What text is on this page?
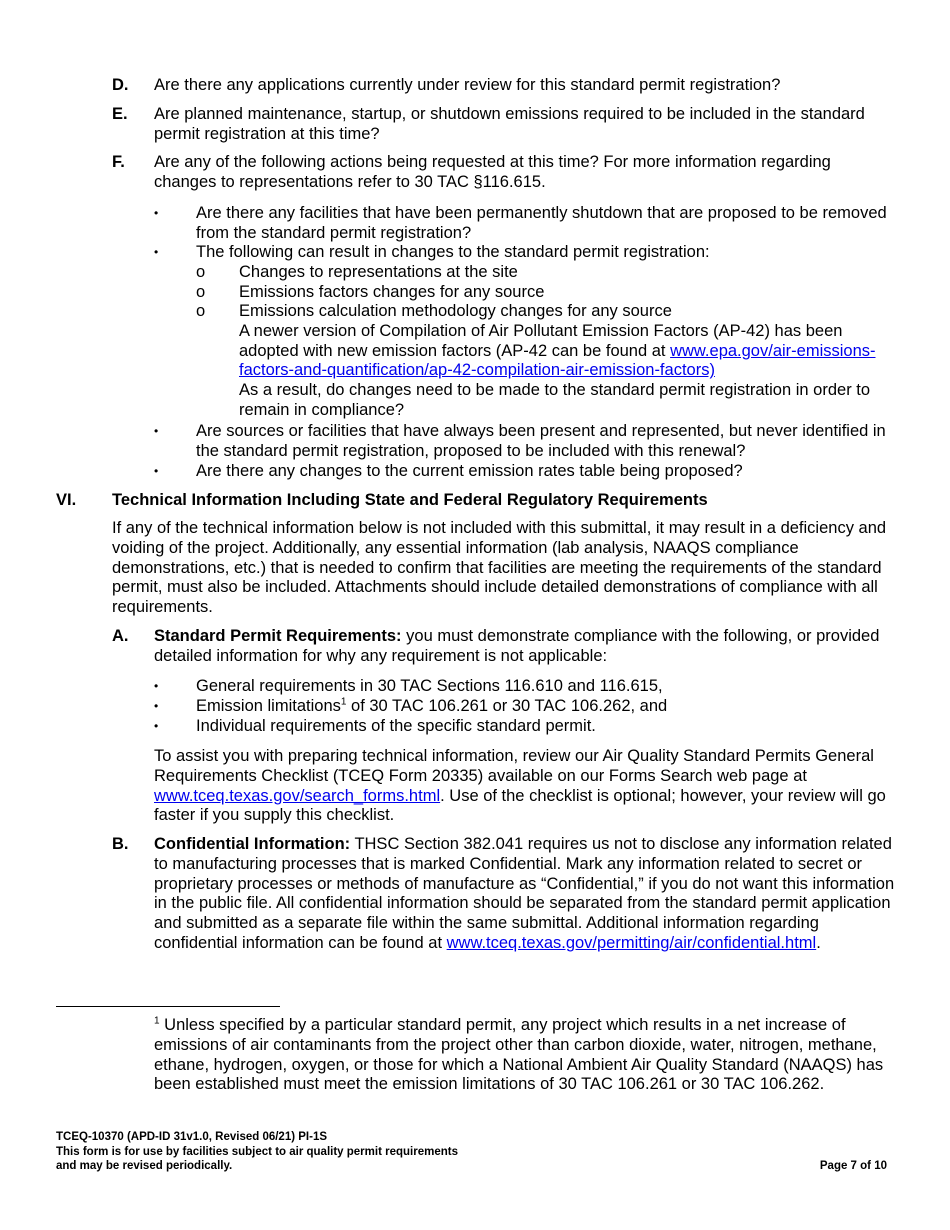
D. Are there any applications currently under review for this standard permit registration?
E. Are planned maintenance, startup, or shutdown emissions required to be included in the standard permit registration at this time?
F. Are any of the following actions being requested at this time? For more information regarding changes to representations refer to 30 TAC §116.615.
• Are there any facilities that have been permanently shutdown that are proposed to be removed from the standard permit registration?
• The following can result in changes to the standard permit registration:
o Changes to representations at the site
o Emissions factors changes for any source
o Emissions calculation methodology changes for any source
A newer version of Compilation of Air Pollutant Emission Factors (AP-42) has been adopted with new emission factors (AP-42 can be found at www.epa.gov/air-emissions-factors-and-quantification/ap-42-compilation-air-emission-factors)
As a result, do changes need to be made to the standard permit registration in order to remain in compliance?
• Are sources or facilities that have always been present and represented, but never identified in the standard permit registration, proposed to be included with this renewal?
• Are there any changes to the current emission rates table being proposed?
VI. Technical Information Including State and Federal Regulatory Requirements
If any of the technical information below is not included with this submittal, it may result in a deficiency and voiding of the project. Additionally, any essential information (lab analysis, NAAQS compliance demonstrations, etc.) that is needed to confirm that facilities are meeting the requirements of the standard permit, must also be included. Attachments should include detailed demonstrations of compliance with all requirements.
A. Standard Permit Requirements: you must demonstrate compliance with the following, or provided detailed information for why any requirement is not applicable:
• General requirements in 30 TAC Sections 116.610 and 116.615,
• Emission limitations$^1$ of 30 TAC 106.261 or 30 TAC 106.262, and
• Individual requirements of the specific standard permit.
To assist you with preparing technical information, review our Air Quality Standard Permits General Requirements Checklist (TCEQ Form 20335) available on our Forms Search web page at www.tceq.texas.gov/search_forms.html. Use of the checklist is optional; however, your review will go faster if you supply this checklist.
B. Confidential Information: THSC Section 382.041 requires us not to disclose any information related to manufacturing processes that is marked Confidential. Mark any information related to secret or proprietary processes or methods of manufacture as “Confidential,” if you do not want this information in the public file. All confidential information should be separated from the standard permit application and submitted as a separate file within the same submittal. Additional information regarding confidential information can be found at www.tceq.texas.gov/permitting/air/confidential.html.
$^1$ Unless specified by a particular standard permit, any project which results in a net increase of emissions of air contaminants from the project other than carbon dioxide, water, nitrogen, methane, ethane, hydrogen, oxygen, or those for which a National Ambient Air Quality Standard (NAAQS) has been established must meet the emission limitations of 30 TAC 106.261 or 30 TAC 106.262.
TCEQ-10370 (APD-ID 31v1.0, Revised 06/21) PI-1S
This form is for use by facilities subject to air quality permit requirements
and may be revised periodically.	Page 7 of 10
